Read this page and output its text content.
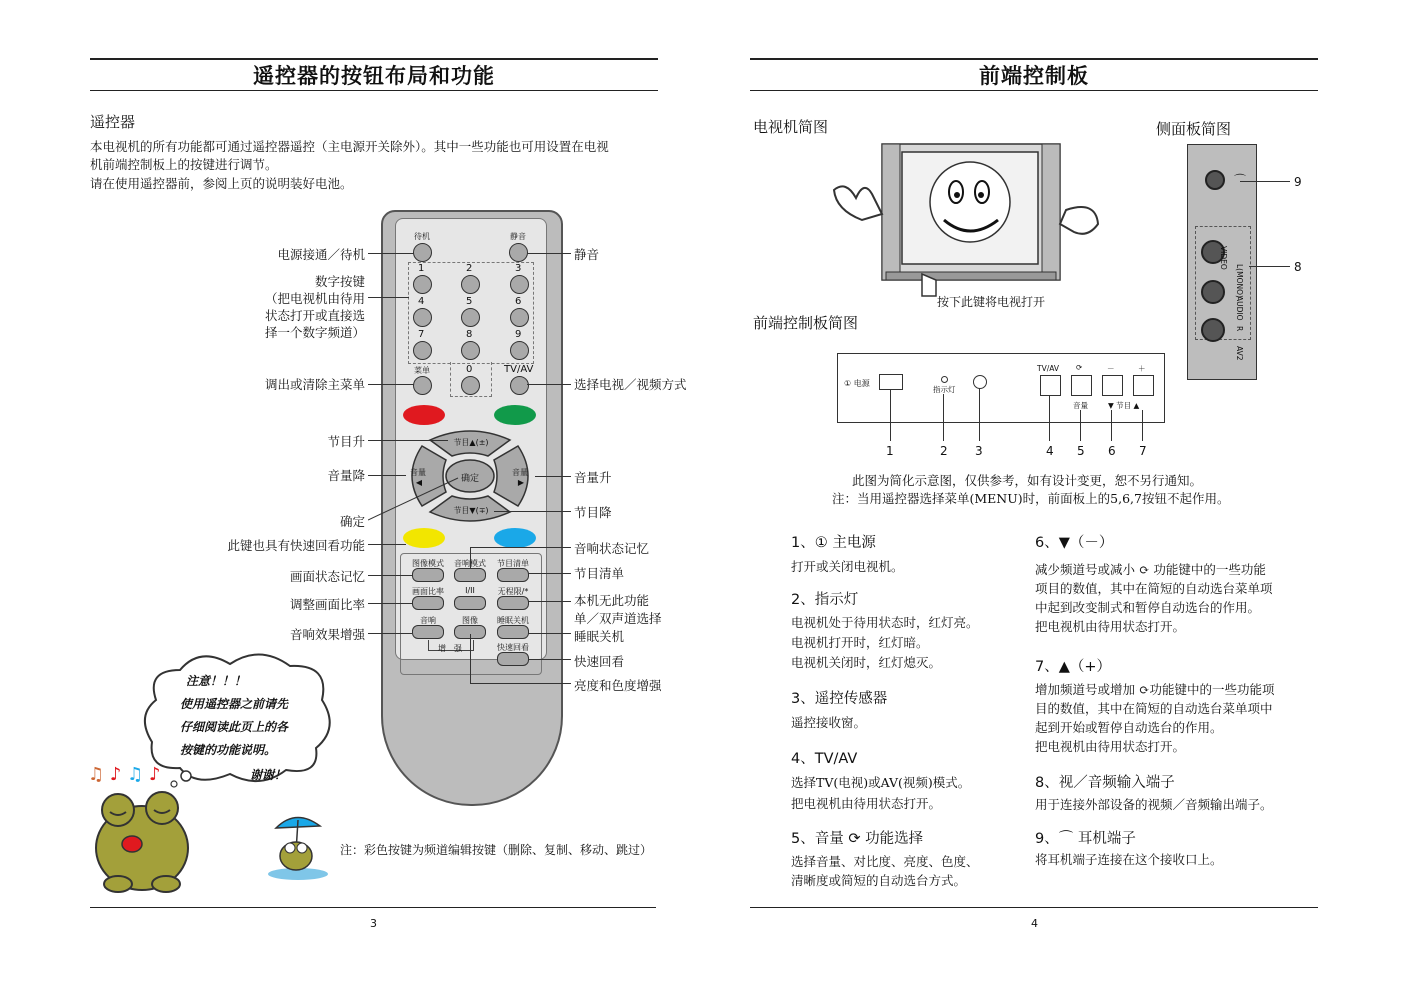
遥控器的按钮布局和功能
遥控器
本电视机的所有功能都可通过遥控器遥控（主电源开关除外）。其中一些功能也可用设置在电视
机前端控制板上的按键进行调节。
请在使用遥控器前，参阅上页的说明装好电池。
待机	静音
1	2	3
4	5	6
7	8	9
菜单	0	TV/AV
节目▲(±)
节目▼(∓)
音量
◀
音量
▶
确定
图像模式	音响模式	节目清单
画面比率	I/II	无程限/*
音响	图像	睡眠关机
增　强	快速回看
电源接通／待机
数字按键
（把电视机由待用
状态打开或直接选
择一个数字频道）
调出或清除主菜单
节目升
音量降
确定
此键也具有快速回看功能
画面状态记忆
调整画面比率
音响效果增强
静音
选择电视／视频方式
音量升
节目降
音响状态记忆
节目清单
本机无此功能
单／双声道选择
睡眠关机
快速回看
亮度和色度增强
注意！！！
使用遥控器之前请先
仔细阅读此页上的各
按键的功能说明。
谢谢！
♫ ♪ ♫ ♪
注：彩色按键为频道编辑按键（删除、复制、移动、跳过）
3
前端控制板
电视机简图	侧面板简图
按下此键将电视打开
⌒
VIDEO
L(MONO)
AUDIO
R
AV2
9
8
前端控制板简图
① 电源
指示灯
TV/AV ⟳	－	＋
音量	▼ 节目 ▲
1	2 3	4 5 6 7
此图为简化示意图，仅供参考，如有设计变更，恕不另行通知。
注：当用遥控器选择菜单(MENU)时，前面板上的5,6,7按钮不起作用。
1、① 主电源
打开或关闭电视机。
2、指示灯
电视机处于待用状态时，红灯亮。
电视机打开时，红灯暗。
电视机关闭时，红灯熄灭。
3、遥控传感器
遥控接收窗。
4、TV/AV
选择TV(电视)或AV(视频)模式。
把电视机由待用状态打开。
5、音量 ⟳ 功能选择
选择音量、对比度、亮度、色度、
清晰度或简短的自动选台方式。
6、▼（－）
减少频道号或减小 ⟳ 功能键中的一些功能
项目的数值，其中在简短的自动选台菜单项
中起到改变制式和暂停自动选台的作用。
把电视机由待用状态打开。
7、▲（+）
增加频道号或增加 ⟳功能键中的一些功能项
目的数值，其中在简短的自动选台菜单项中
起到开始或暂停自动选台的作用。
把电视机由待用状态打开。
8、视／音频输入端子
用于连接外部设备的视频／音频输出端子。
9、⌒ 耳机端子
将耳机端子连接在这个接收口上。
4
